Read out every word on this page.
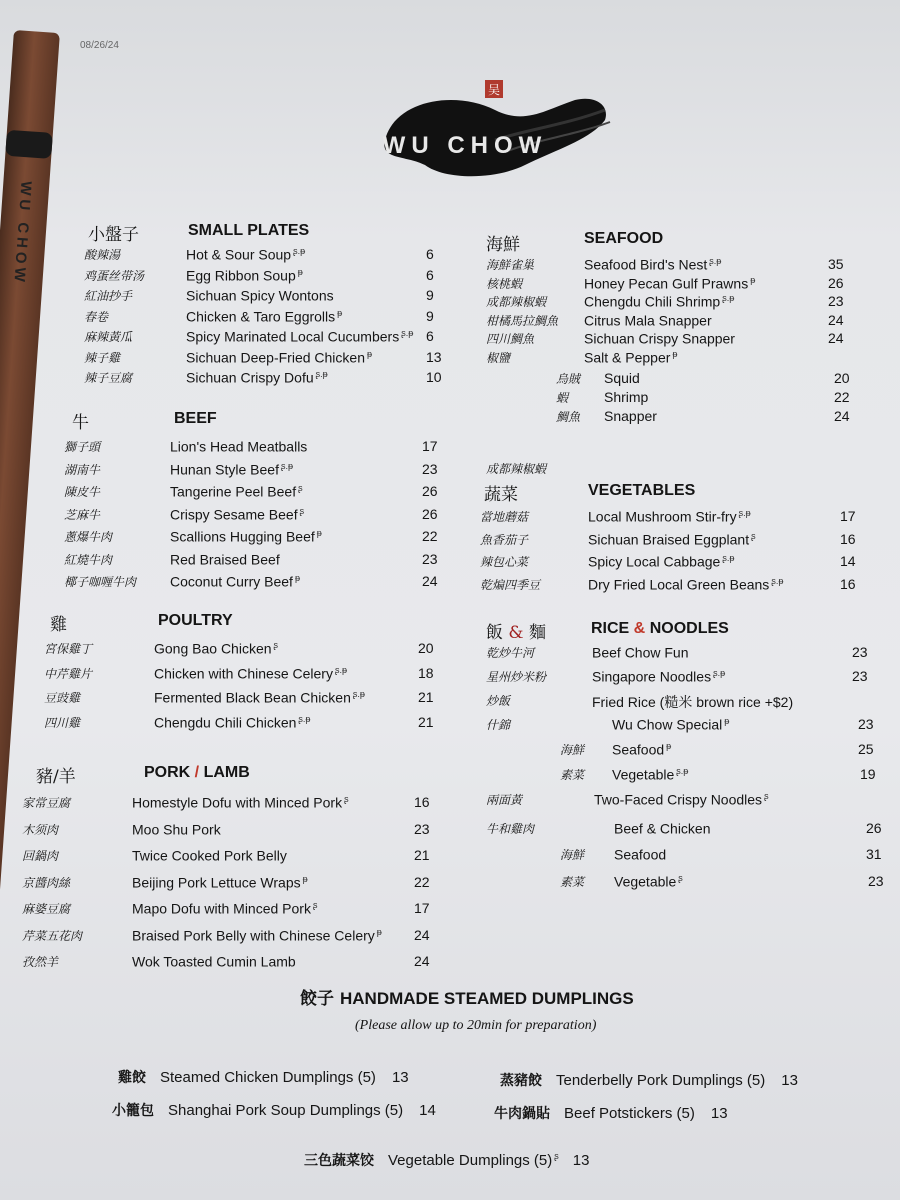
WU CHOW
08/26/24
吴
WU CHOW
小盤子	SMALL PLATES
酸辣湯	Hot & Sour Soup $^{ʂ.ᵽ}$	6
鸡蛋丝带汤	Egg Ribbon Soup $^ᵽ$	6
紅油抄手	Sichuan Spicy Wontons	9
春卷	Chicken & Taro Eggrolls $^ᵽ$	9
麻辣黃瓜	Spicy Marinated Local Cucumbers $^{ʂ.ᵽ}$ 6
辣子雞	Sichuan Deep-Fried Chicken $^ᵽ$	13
辣子豆腐	Sichuan Crispy Dofu $^{ʂ.ᵽ}$	10
牛	BEEF
獅子頭	Lion's Head Meatballs	17
湖南牛	Hunan Style Beef $^{ʂ.ᵽ}$	23
陳皮牛	Tangerine Peel Beef $^ʂ$	26
芝麻牛	Crispy Sesame Beef $^ʂ$	26
蔥爆牛肉	Scallions Hugging Beef $^ᵽ$	22
紅燒牛肉	Red Braised Beef	23
椰子咖喱牛肉 Coconut Curry Beef $^ᵽ$	24
雞	POULTRY
宮保雞丁	Gong Bao Chicken $^ʂ$	20
中芹雞片	Chicken with Chinese Celery $^{ʂ.ᵽ}$	18
豆豉雞	Fermented Black Bean Chicken $^{ʂ.ᵽ}$	21
四川雞	Chengdu Chili Chicken $^{ʂ.ᵽ}$	21
豬/羊	PORK / LAMB
家常豆腐	Homestyle Dofu with Minced Pork $^ʂ$	16
木须肉	Moo Shu Pork	23
回鍋肉	Twice Cooked Pork Belly	21
京醬肉絲	Beijing Pork Lettuce Wraps $^ᵽ$	22
麻婆豆腐	Mapo Dofu with Minced Pork $^ʂ$	17
芹菜五花肉	Braised Pork Belly with Chinese Celery $^ᵽ$ 24
孜然羊	Wok Toasted Cumin Lamb	24
海鮮	SEAFOOD
海鮮雀巢	Seafood Bird's Nest $^{ʂ.ᵽ}$	35
核桃蝦	Honey Pecan Gulf Prawns $^ᵽ$	26
成都辣椒蝦	Chengdu Chili Shrimp $^{ʂ.ᵽ}$	23
柑橘馬拉鯛魚 Citrus Mala Snapper	24
四川鯛魚	Sichuan Crispy Snapper	24
椒鹽	Salt & Pepper $^ᵽ$
烏賊 Squid	20
蝦	Shrimp	22
鯛魚 Snapper	24
成都辣椒蝦
蔬菜	VEGETABLES
當地蘑菇	Local Mushroom Stir-fry $^{ʂ.ᵽ}$	17
魚香茄子	Sichuan Braised Eggplant $^ʂ$	16
辣包心菜	Spicy Local Cabbage $^{ʂ.ᵽ}$	14
乾煸四季豆	Dry Fried Local Green Beans $^{ʂ.ᵽ}$	16
飯 & 麵	RICE & NOODLES
乾炒牛河	Beef Chow Fun	23
星州炒米粉	Singapore Noodles $^{ʂ.ᵽ}$	23
炒飯	Fried Rice (糙米 brown rice +$2)
什錦	Wu Chow Special $^ᵽ$	23
海鮮 Seafood $^ᵽ$	25
素菜 Vegetable $^{ʂ.ᵽ}$	19
兩面黃	Two-Faced Crispy Noodles $^ʂ$
牛和雞肉	Beef & Chicken	26
海鮮 Seafood	31
素菜 Vegetable $^ʂ$	23
餃子 HANDMADE STEAMED DUMPLINGS
(Please allow up to 20min for preparation)
雞餃 Steamed Chicken Dumplings (5) 13	蒸豬餃 Tenderbelly Pork Dumplings (5) 13
小籠包 Shanghai Pork Soup Dumplings (5) 14	牛肉鍋貼 Beef Potstickers (5) 13
三色蔬菜饺 Vegetable Dumplings (5) $^ʂ$ 13
